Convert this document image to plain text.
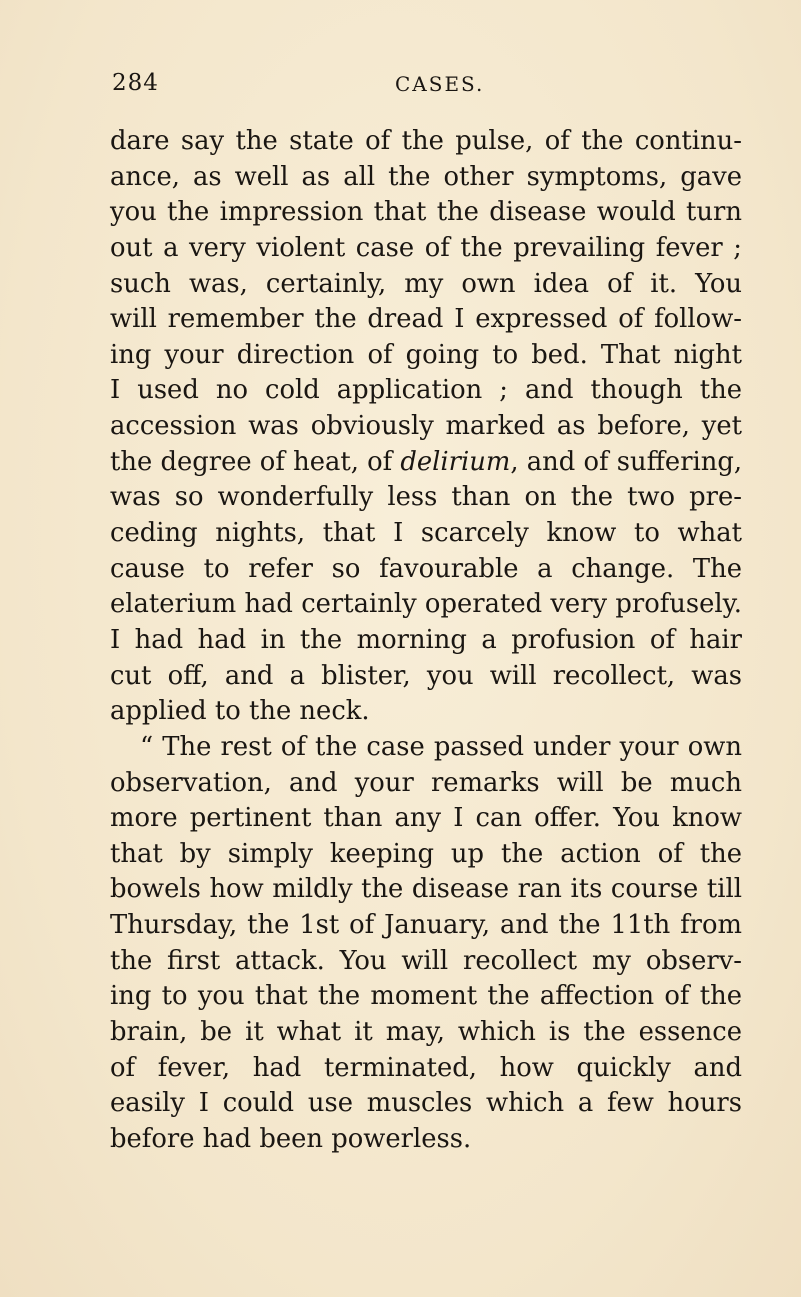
284	CASES.
dare say the state of the pulse, of the continu-
ance, as well as all the other symptoms, gave
you the impression that the disease would turn
out a very violent case of the prevailing fever ;
such was, certainly, my own idea of it. You
will remember the dread I expressed of follow-
ing your direction of going to bed. That night
I used no cold application ; and though the
accession was obviously marked as before, yet
the degree of heat, of delirium, and of suffering,
was so wonderfully less than on the two pre-
ceding nights, that I scarcely know to what
cause to refer so favourable a change. The
elaterium had certainly operated very profusely.
I had had in the morning a profusion of hair
cut off, and a blister, you will recollect, was
applied to the neck.
“ The rest of the case passed under your own
observation, and your remarks will be much
more pertinent than any I can offer. You know
that by simply keeping up the action of the
bowels how mildly the disease ran its course till
Thursday, the 1st of January, and the 11th from
the first attack. You will recollect my observ-
ing to you that the moment the affection of the
brain, be it what it may, which is the essence
of fever, had terminated, how quickly and
easily I could use muscles which a few hours
before had been powerless.
